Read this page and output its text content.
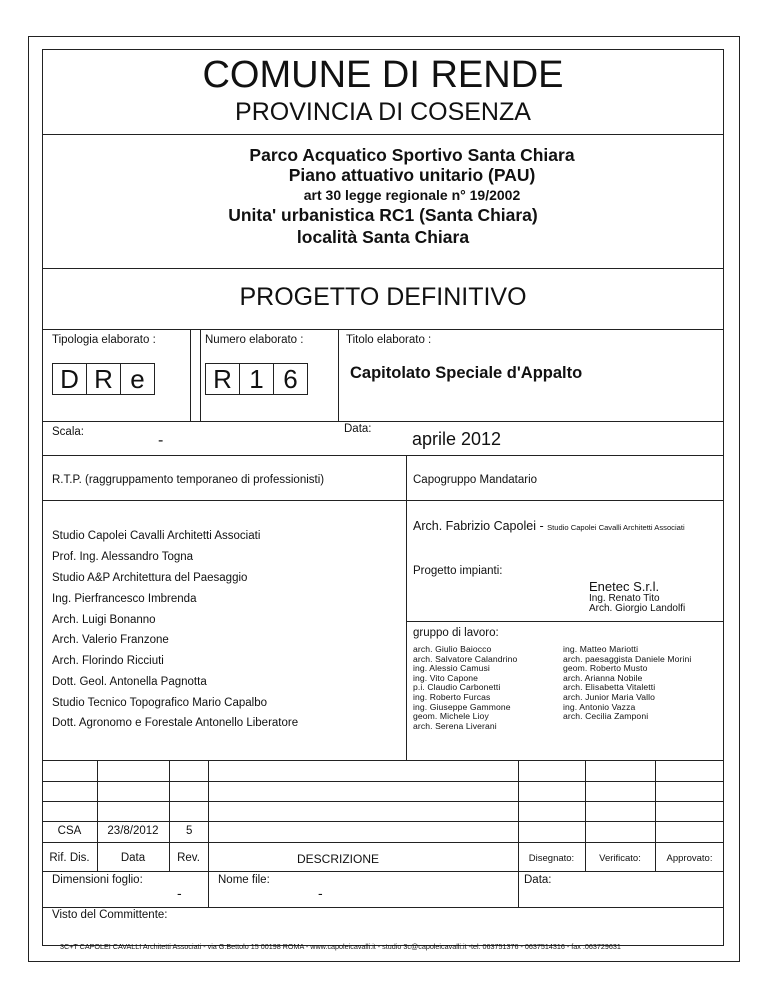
COMUNE DI RENDE
PROVINCIA DI COSENZA
Parco Acquatico Sportivo Santa Chiara
Piano attuativo unitario (PAU)
art 30 legge regionale n° 19/2002
Unita' urbanistica RC1 (Santa Chiara)
località Santa Chiara
PROGETTO DEFINITIVO
Tipologia elaborato :	Numero elaborato :	Titolo elaborato :
D R e	R 1 6	Capitolato Speciale d'Appalto
Scala:	-
Data: aprile 2012
R.T.P. (raggruppamento temporaneo di professionisti)	Capogruppo Mandatario
Arch. Fabrizio Capolei - Studio Capolei Cavalli Architetti Associati
Studio Capolei Cavalli Architetti Associati
Prof. Ing. Alessandro Togna
Studio A&P Architettura del Paesaggio
Ing. Pierfrancesco Imbrenda
Arch. Luigi Bonanno
Arch. Valerio Franzone
Arch. Florindo Ricciuti
Dott. Geol. Antonella Pagnotta
Studio Tecnico Topografico Mario Capalbo
Dott. Agronomo e Forestale Antonello Liberatore
Progetto impianti:
Enetec S.r.l.
Ing. Renato Tito
Arch. Giorgio Landolfi
gruppo di lavoro:
arch. Giulio Baiocco
arch. Salvatore Calandrino
ing. Alessio Camusi
ing. Vito Capone
p.i. Claudio Carbonetti
ing. Roberto Furcas
ing. Giuseppe Gammone
geom. Michele Lioy
arch. Serena Liverani
ing. Matteo Mariotti
arch. paesaggista Daniele Morini
geom. Roberto Musto
arch. Arianna Nobile
arch. Elisabetta Vitaletti
arch. Junior Maria Vallo
ing. Antonio Vazza
arch. Cecilia Zamponi
CSA	23/8/2012	5
Rif. Dis.	Data	Rev.	DESCRIZIONE	Disegnato:	Verificato:	Approvato:
Dimensioni foglio:
-
Nome file:
-
Data:
Visto del Committente:
3C+T CAPOLEI CAVALLI Architetti Associati - via G.Bettolo 15 00198 ROMA - www.capoleicavalli.it - studio 3c@capoleicavalli.it -tel. 063751376 - 063751431​6 - fax .063729631
